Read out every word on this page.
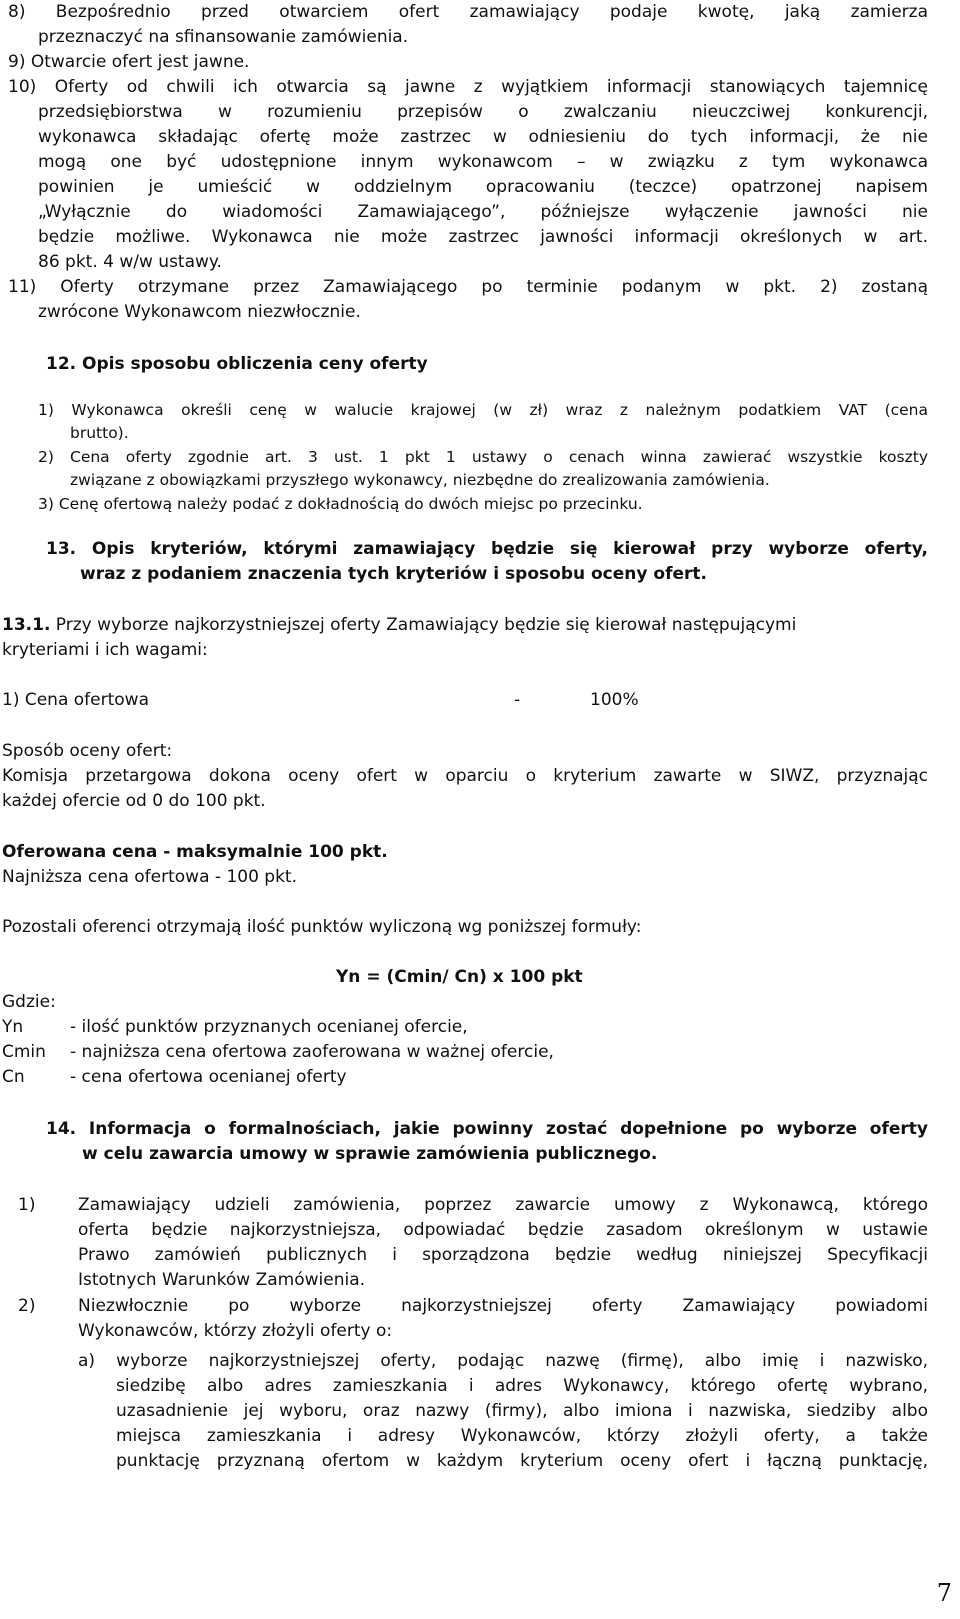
8) Bezpośrednio przed otwarciem ofert zamawiający podaje kwotę, jaką zamierza
przeznaczyć na sfinansowanie zamówienia.
9) Otwarcie ofert jest jawne.
10) Oferty od chwili ich otwarcia są jawne z wyjątkiem informacji stanowiących tajemnicę
przedsiębiorstwa w rozumieniu przepisów o zwalczaniu nieuczciwej konkurencji,
wykonawca składając ofertę może zastrzec w odniesieniu do tych informacji, że nie
mogą one być udostępnione innym wykonawcom – w związku z tym wykonawca
powinien je umieścić w oddzielnym opracowaniu (teczce) opatrzonej napisem
„Wyłącznie do wiadomości Zamawiającego”, późniejsze wyłączenie jawności nie
będzie możliwe. Wykonawca nie może zastrzec jawności informacji określonych w art.
86 pkt. 4 w/w ustawy.
11) Oferty otrzymane przez Zamawiającego po terminie podanym w pkt. 2) zostaną
zwrócone Wykonawcom niezwłocznie.
12. Opis sposobu obliczenia ceny oferty
1) Wykonawca określi cenę w walucie krajowej (w zł) wraz z należnym podatkiem VAT (cena
brutto).
2) Cena oferty zgodnie art. 3 ust. 1 pkt 1 ustawy o cenach winna zawierać wszystkie koszty
związane z obowiązkami przyszłego wykonawcy, niezbędne do zrealizowania zamówienia.
3) Cenę ofertową należy podać z dokładnością do dwóch miejsc po przecinku.
13. Opis kryteriów, którymi zamawiający będzie się kierował przy wyborze oferty,
wraz z podaniem znaczenia tych kryteriów i sposobu oceny ofert.
13.1. Przy wyborze najkorzystniejszej oferty Zamawiający będzie się kierował następującymi
kryteriami i ich wagami:
1) Cena ofertowa	-	100%
Sposób oceny ofert:
Komisja przetargowa dokona oceny ofert w oparciu o kryterium zawarte w SIWZ, przyznając
każdej ofercie od 0 do 100 pkt.
Oferowana cena - maksymalnie 100 pkt.
Najniższa cena ofertowa - 100 pkt.
Pozostali oferenci otrzymają ilość punktów wyliczoną wg poniższej formuły:
Yn = (Cmin/ Cn) x 100 pkt
Gdzie:
Yn	- ilość punktów przyznanych ocenianej ofercie,
Cmin - najniższa cena ofertowa zaoferowana w ważnej ofercie,
Cn	- cena ofertowa ocenianej oferty
14. Informacja o formalnościach, jakie powinny zostać dopełnione po wyborze oferty
w celu zawarcia umowy w sprawie zamówienia publicznego.
1)	Zamawiający udzieli zamówienia, poprzez zawarcie umowy z Wykonawcą, którego
oferta będzie najkorzystniejsza, odpowiadać będzie zasadom określonym w ustawie
Prawo zamówień publicznych i sporządzona będzie według niniejszej Specyfikacji
Istotnych Warunków Zamówienia.
2)	Niezwłocznie po wyborze najkorzystniejszej oferty Zamawiający powiadomi
Wykonawców, którzy złożyli oferty o:
a) wyborze najkorzystniejszej oferty, podając nazwę (firmę), albo imię i nazwisko,
siedzibę albo adres zamieszkania i adres Wykonawcy, którego ofertę wybrano,
uzasadnienie jej wyboru, oraz nazwy (firmy), albo imiona i nazwiska, siedziby albo
miejsca zamieszkania i adresy Wykonawców, którzy złożyli oferty, a także
punktację przyznaną ofertom w każdym kryterium oceny ofert i łączną punktację,
7
